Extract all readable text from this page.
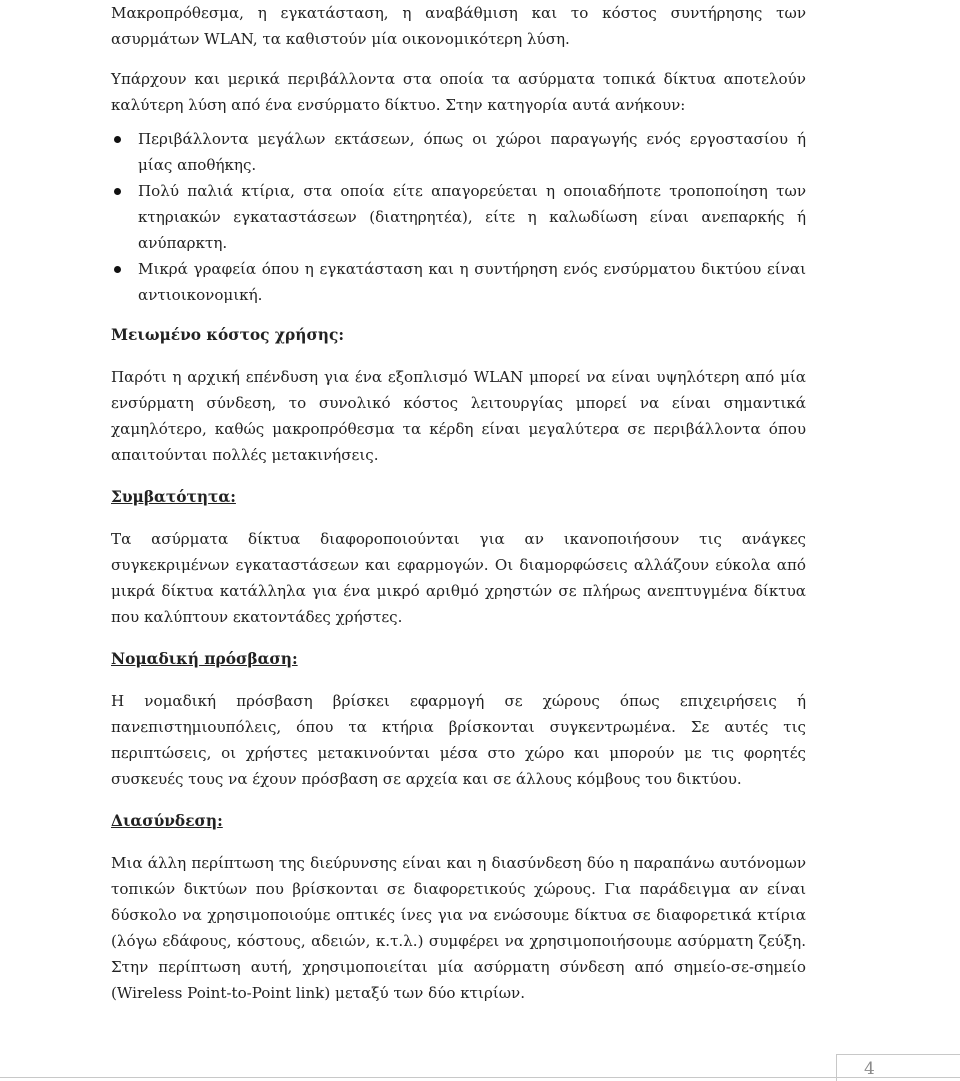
Μακροπρόθεσμα, η εγκατάσταση, η αναβάθμιση και το κόστος συντήρησης των ασυρμάτων WLAN, τα καθιστούν μία οικονομικότερη λύση.

Υπάρχουν και μερικά περιβάλλοντα στα οποία τα ασύρματα τοπικά δίκτυα αποτελούν καλύτερη λύση από ένα ενσύρματο δίκτυο. Στην κατηγορία αυτά ανήκουν:

Περιβάλλοντα μεγάλων εκτάσεων, όπως οι χώροι παραγωγής ενός εργοστασίου ή μίας αποθήκης.
Πολύ παλιά κτίρια, στα οποία είτε απαγορεύεται η οποιαδήποτε τροποποίηση των κτηριακών εγκαταστάσεων (διατηρητέα), είτε η καλωδίωση είναι ανεπαρκής ή ανύπαρκτη.
Μικρά γραφεία όπου η εγκατάσταση και η συντήρηση ενός ενσύρματου δικτύου είναι αντιοικονομική.
Μειωμένο κόστος χρήσης:

Παρότι η αρχική επένδυση για ένα εξοπλισμό WLAN μπορεί να είναι υψηλότερη από μία ενσύρματη σύνδεση, το συνολικό κόστος λειτουργίας μπορεί να είναι σημαντικά χαμηλότερο, καθώς μακροπρόθεσμα τα κέρδη είναι μεγαλύτερα σε περιβάλλοντα όπου απαιτούνται πολλές μετακινήσεις.

Συμβατότητα:

Τα ασύρματα δίκτυα διαφοροποιούνται για αν ικανοποιήσουν τις ανάγκες συγκεκριμένων εγκαταστάσεων και εφαρμογών. Οι διαμορφώσεις αλλάζουν εύκολα από μικρά δίκτυα κατάλληλα για ένα μικρό αριθμό χρηστών σε πλήρως ανεπτυγμένα δίκτυα που καλύπτουν εκατοντάδες χρήστες.

Νομαδική πρόσβαση:

Η νομαδική πρόσβαση βρίσκει εφαρμογή σε χώρους όπως επιχειρήσεις ή πανεπιστημιουπόλεις, όπου τα κτήρια βρίσκονται συγκεντρωμένα. Σε αυτές τις περιπτώσεις, οι χρήστες μετακινούνται μέσα στο χώρο και μπορούν με τις φορητές συσκευές τους να έχουν πρόσβαση σε αρχεία και σε άλλους κόμβους του δικτύου.

Διασύνδεση:

Μια άλλη περίπτωση της διεύρυνσης είναι και η διασύνδεση δύο η παραπάνω αυτόνομων τοπικών δικτύων που βρίσκονται σε διαφορετικούς χώρους. Για παράδειγμα αν είναι δύσκολο να χρησιμοποιούμε οπτικές ίνες για να ενώσουμε δίκτυα σε διαφορετικά κτίρια (λόγω εδάφους, κόστους, αδειών, κ.τ.λ.) συμφέρει να χρησιμοποιήσουμε ασύρματη ζεύξη. Στην περίπτωση αυτή, χρησιμοποιείται μία ασύρματη σύνδεση από σημείο-σε-σημείο (Wireless Point-to-Point link) μεταξύ των δύο κτιρίων.

4
